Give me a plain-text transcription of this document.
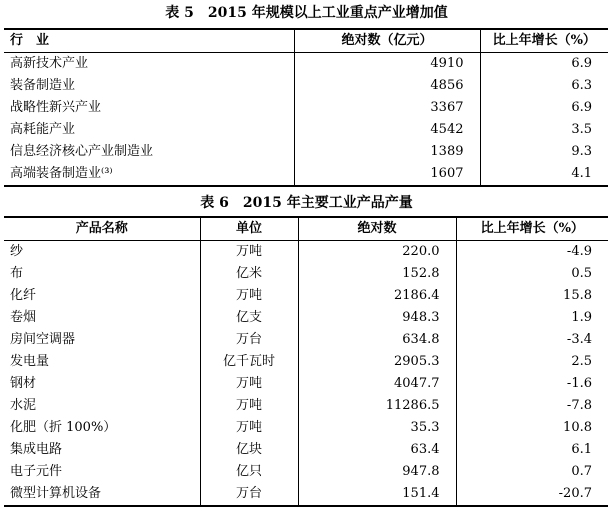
表 5　2015 年规模以上工业重点产业增加值
行　业	绝对数（亿元）	比上年增长（%）
高新技术产业	4910	6.9
装备制造业	4856	6.3
战略性新兴产业	3367	6.9
高耗能产业	4542	3.5
信息经济核心产业制造业	1389	9.3
高端装备制造业⁽³⁾	1607	4.1
表 6　2015 年主要工业产品产量
产品名称	单位	绝对数	比上年增长（%）
纱	万吨	220.0	-4.9
布	亿米	152.8	0.5
化纤	万吨	2186.4	15.8
卷烟	亿支	948.3	1.9
房间空调器	万台	634.8	-3.4
发电量	亿千瓦时	2905.3	2.5
钢材	万吨	4047.7	-1.6
水泥	万吨	11286.5	-7.8
化肥（折 100%）	万吨	35.3	10.8
集成电路	亿块	63.4	6.1
电子元件	亿只	947.8	0.7
微型计算机设备	万台	151.4	-20.7
